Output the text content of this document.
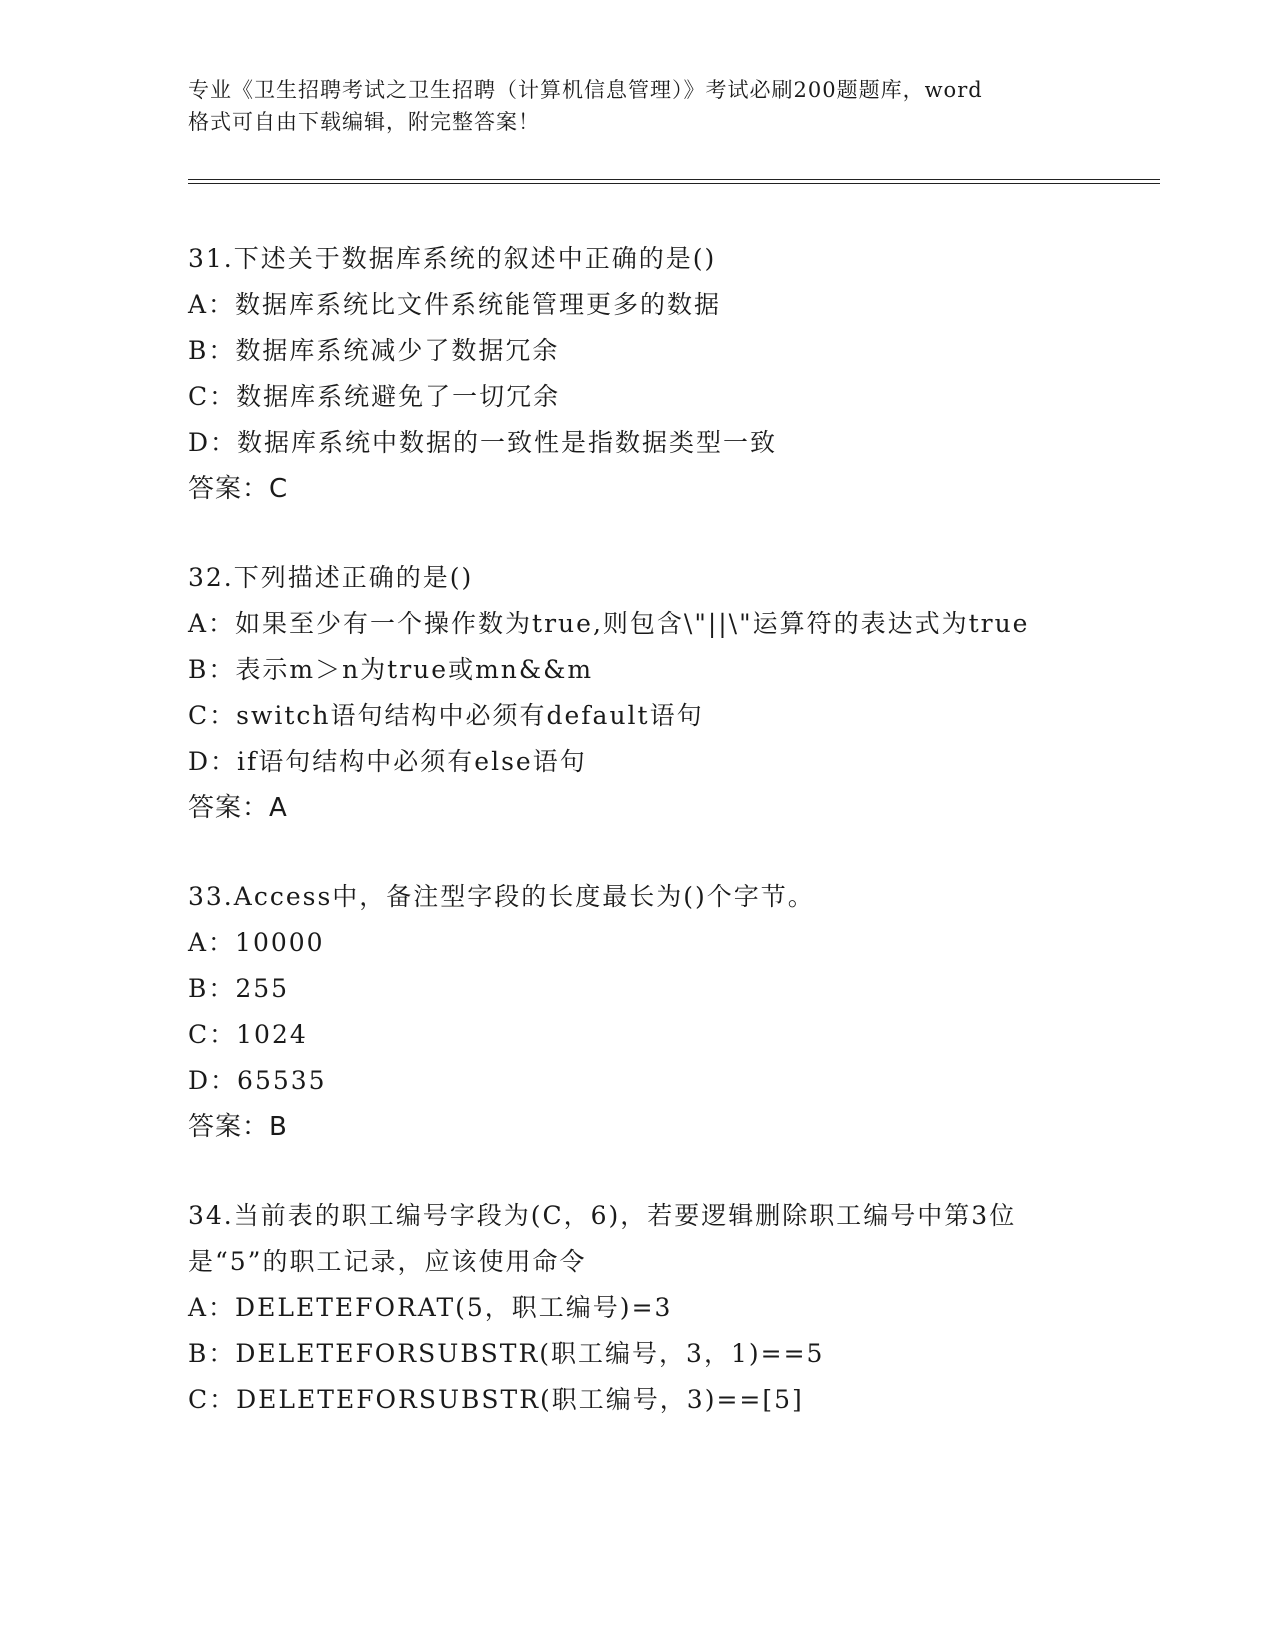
专业《卫生招聘考试之卫生招聘（计算机信息管理）》考试必刷200题题库，word
格式可自由下载编辑，附完整答案！
31.下述关于数据库系统的叙述中正确的是()
A：数据库系统比文件系统能管理更多的数据
B：数据库系统减少了数据冗余
C：数据库系统避免了一切冗余
D：数据库系统中数据的一致性是指数据类型一致
答案：C
32.下列描述正确的是()
A：如果至少有一个操作数为true,则包含\"||\"运算符的表达式为true
B：表示m＞n为true或mn&&m
C：switch语句结构中必须有default语句
D：if语句结构中必须有else语句
答案：A
33.Access中，备注型字段的长度最长为()个字节。
A：10000
B：255
C：1024
D：65535
答案：B
34.当前表的职工编号字段为(C，6)，若要逻辑删除职工编号中第3位
是“5”的职工记录，应该使用命令
A：DELETEFORAT(5，职工编号)=3
B：DELETEFORSUBSTR(职工编号，3，1)==5
C：DELETEFORSUBSTR(职工编号，3)==[5]
